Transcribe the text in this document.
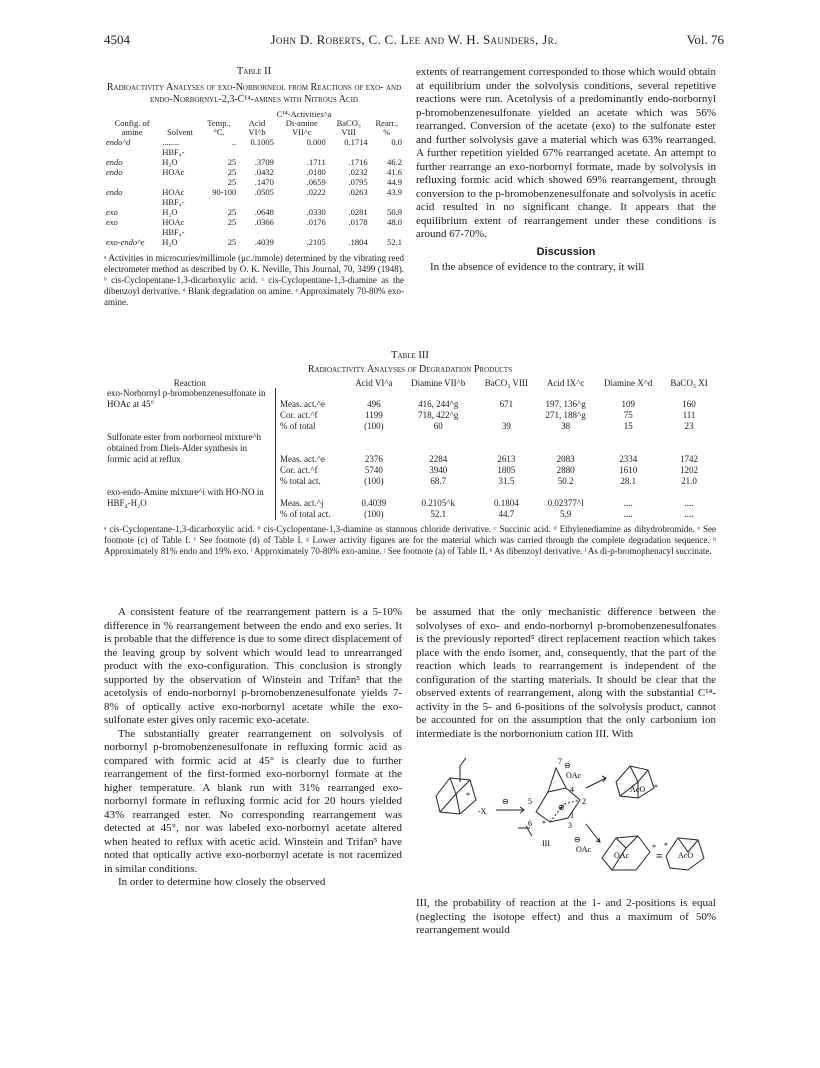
4504	John D. Roberts, C. C. Lee and W. H. Saunders, Jr.	Vol. 76
Table II
Radioactivity Analyses of exo-Norborneol from Reactions of exo- and endo-Norbornyl-2,3-C¹⁴-amines with Nitrous Acid
			C¹⁴-Activities^a			
Config. of amine	Solvent	Temp., °C.	Acid VI^b	Di-amine VII^c	BaCO₃ VIII	Rearr., %
endo^d	........	..	0.1005	0.000	0.1714	0.0
endo	HBF₄-H₂O	25	.3709	.1711	.1716	46.2
endo	HOAc	25	.0432	.0180	.0232	41.6
		25	.1470	.0659	.0795	44.9
endo	HOAc	90-100	.0505	.0222	.0263	43.9
exo	HBF₄-H₂O	25	.0648	.0330	.0281	50.9
exo	HOAc	25	.0366	.0176	.0178	48.0
exo-endo^e	HBF₄-H₂O	25	.4039	.2105	.1804	52.1
ᵃ Activities in microcuries/millimole (μc./mmole) determined by the vibrating reed electrometer method as described by O. K. Neville, This Journal, 70, 3499 (1948). ᵇ cis-Cyclopentane-1,3-dicarboxylic acid. ᶜ cis-Cyclopentane-1,3-diamine as the dibenzoyl derivative. ᵈ Blank degradation on amine. ᵉ Approximately 70-80% exo-amine.
extents of rearrangement corresponded to those which would obtain at equilibrium under the solvolysis conditions, several repetitive reactions were run. Acetolysis of a predominantly endo-norbornyl p-bromobenzenesulfonate yielded an acetate which was 56% rearranged. Conversion of the acetate (exo) to the sulfonate ester and further solvolysis gave a material which was 63% rearranged. A further repetition yielded 67% rearranged acetate. An attempt to further rearrange an exo-norbornyl formate, made by solvolysis in refluxing formic acid which showed 69% rearrangement, through conversion to the p-bromobenzenesulfonate and solvolysis in acetic acid resulted in no significant change. It appears that the equilibrium extent of rearrangement under these conditions is around 67-70%.
Discussion
In the absence of evidence to the contrary, it will
Table III
Radioactivity Analyses of Degradation Products
Reaction		Acid VI^a	Diamine VII^b	BaCO₃ VIII	Acid IX^c	Diamine X^d	BaCO₃ XI
exo-Norbornyl p-bromobenzenesulfonate in HOAc at 45°	Meas. act.^e	496	416, 244^g	671	197, 136^g	109	160
	Cor. act.^f	1199	718, 422^g		271, 188^g	75	111
	% of total	(100)	60	39	38	15	23
Sulfonate ester from norborneol mixture^h obtained from Diels-Alder synthesis in formic acid at reflux	Meas. act.^e	2376	2284	2613	2083	2334	1742
	Cor. act.^f	5740	3940	1805	2880	1610	1202
	% total act.	(100)	68.7	31.5	50.2	28.1	21.0
exo-endo-Amine mixture^i with HO-NO in HBF₄-H₂O	Meas. act.^j	0.4039	0.2105^k	0.1804	0.02377^l	....	....
	% of total act.	(100)	52.1	44.7	5.9	....	....
ᵃ cis-Cyclopentane-1,3-dicarboxylic acid. ᵇ cis-Cyclopentane-1,3-diamine as stannous chloride derivative. ᶜ Succinic acid. ᵈ Ethylenediamine as dihydrobromide. ᵉ See footnote (c) of Table I. ᶠ See footnote (d) of Table I. ᵍ Lower activity figures are for the material which was carried through the complete degradation sequence. ʰ Approximately 81% endo and 19% exo. ⁱ Approximately 70-80% exo-amine. ʲ See footnote (a) of Table II. ᵏ As dibenzoyl derivative. ˡ As di-p-bromophenacyl succinate.

A consistent feature of the rearrangement pattern is a 5-10% difference in % rearrangement between the endo and exo series. It is probable that the difference is due to some direct displacement of the leaving group by solvent which would lead to unrearranged product with the exo-configuration. This conclusion is strongly supported by the observation of Winstein and Trifan⁵ that the acetolysis of endo-norbornyl p-bromobenzenesulfonate yields 7-8% of optically active exo-norbornyl acetate while the exo-sulfonate ester gives only racemic exo-acetate.

The substantially greater rearrangement on solvolysis of norbornyl p-bromobenzenesulfonate in refluxing formic acid as compared with formic acid at 45° is clearly due to further rearrangement of the first-formed exo-norbornyl formate at the higher temperature. A blank run with 31% rearranged exo-norbornyl formate in refluxing formic acid for 20 hours yielded 43% rearranged ester. No corresponding rearrangement was detected at 45°, nor was labeled exo-norbornyl acetate altered when heated to reflux with acetic acid. Winstein and Trifan⁵ have noted that optically active exo-norbornyl acetate is not racemized in similar conditions.

In order to determine how closely the observed

be assumed that the only mechanistic difference between the solvolyses of exo- and endo-norbornyl p-bromobenzenesulfonates is the previously reported⁵ direct replacement reaction which takes place with the endo isomer, and, consequently, that the part of the reaction which leads to rearrangement is independent of the configuration of the starting materials. It should be clear that the observed extents of rearrangement, along with the substantial C¹⁴-activity in the 5- and 6-positions of the solvolysis product, cannot be accounted for on the assumption that the only carbonium ion intermediate is the norbornonium cation III. With

-X
⊖
⊕
OAc
⊖
OAc
⊖
AcO
OAc	AcO
III
≡
*
*
*
* *
1
2
3
4
5
6
7

III, the probability of reaction at the 1- and 2-positions is equal (neglecting the isotope effect) and thus a maximum of 50% rearrangement would
